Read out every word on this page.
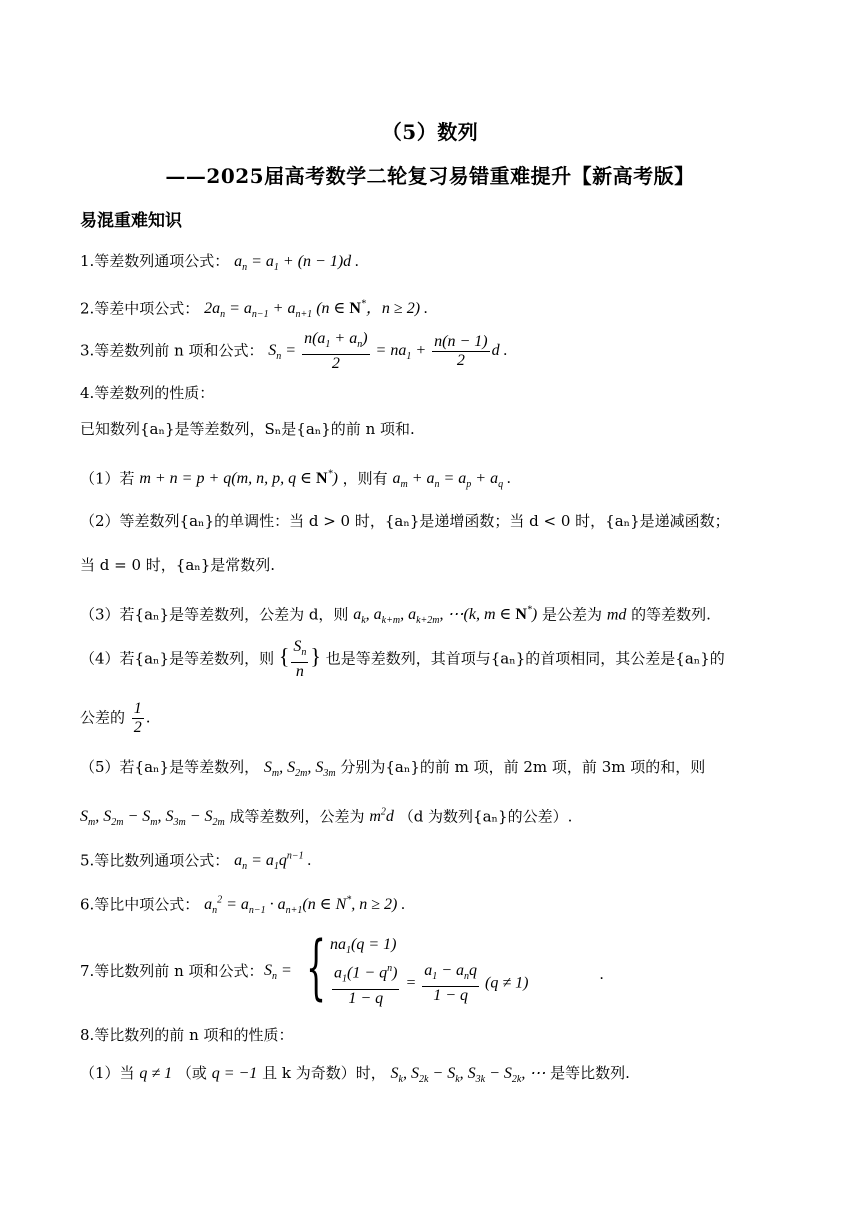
（5）数列
——2025届高考数学二轮复习易错重难提升【新高考版】
易混重难知识
1.等差数列通项公式： $a_n = a_1 + (n - 1)d$ .
2.等差中项公式： $2a_n = a_{n-1} + a_{n+1}$ (n ∈ N*，n ≥ 2) .
3.等差数列前 n 项和公式： $S_n = \frac{n(a_1 + a_n)}{2} = na_1 + \frac{n(n - 1)}{2}$ d .
4.等差数列的性质：
已知数列{aₙ}是等差数列，Sₙ是{aₙ}的前 n 项和.
（1）若 m + n = p + q(m, n, p, q ∈ N*) ，则有 $a_m + a_n = a_p + a_q$ .
（2）等差数列{aₙ}的单调性：当 d > 0 时，{aₙ}是递增函数；当 d < 0 时，{aₙ}是递减函数；
当 d = 0 时，{aₙ}是常数列.
（3）若{aₙ}是等差数列，公差为 d，则 $a_k$, $a_{k+m}$, $a_{k+2m}$, ⋯(k, m ∈ N*) 是公差为 md 的等差数列.
（4）若{aₙ}是等差数列，则 { $\frac{S_n}{n}$ } 也是等差数列，其首项与{aₙ}的首项相同，其公差是{aₙ}的
公差的 $\frac{1}{2}$ .
（5）若{aₙ}是等差数列， $S_m$, $S_{2m}$, $S_{3m}$ 分别为{aₙ}的前 m 项，前 2m 项，前 3m 项的和，则
$S_m$, $S_{2m} - S_m$, $S_{3m} - S_{2m}$ 成等差数列，公差为 $m^2d$ （d 为数列{aₙ}的公差）.
5.等比数列通项公式： $a_n = a_1q^{n-1}$ .
6.等比中项公式： $a_n^2 = a_{n-1} \cdot a_{n+1}(n$ ∈ N*, n ≥ 2) .
7.等比数列前 n 项和公式： $S_n$ = { $na_1(q = 1)$
$\frac{a_1(1 - q^n)}{1 - q} = \frac{a_1 - a_nq}{1 - q} (q \ne 1)$	.
8.等比数列的前 n 项和的性质：
（1）当 q ≠ 1 （或 q = −1 且 k 为奇数）时， $S_k$, $S_{2k} - S_k$, $S_{3k} - S_{2k}$, ⋯ 是等比数列.
